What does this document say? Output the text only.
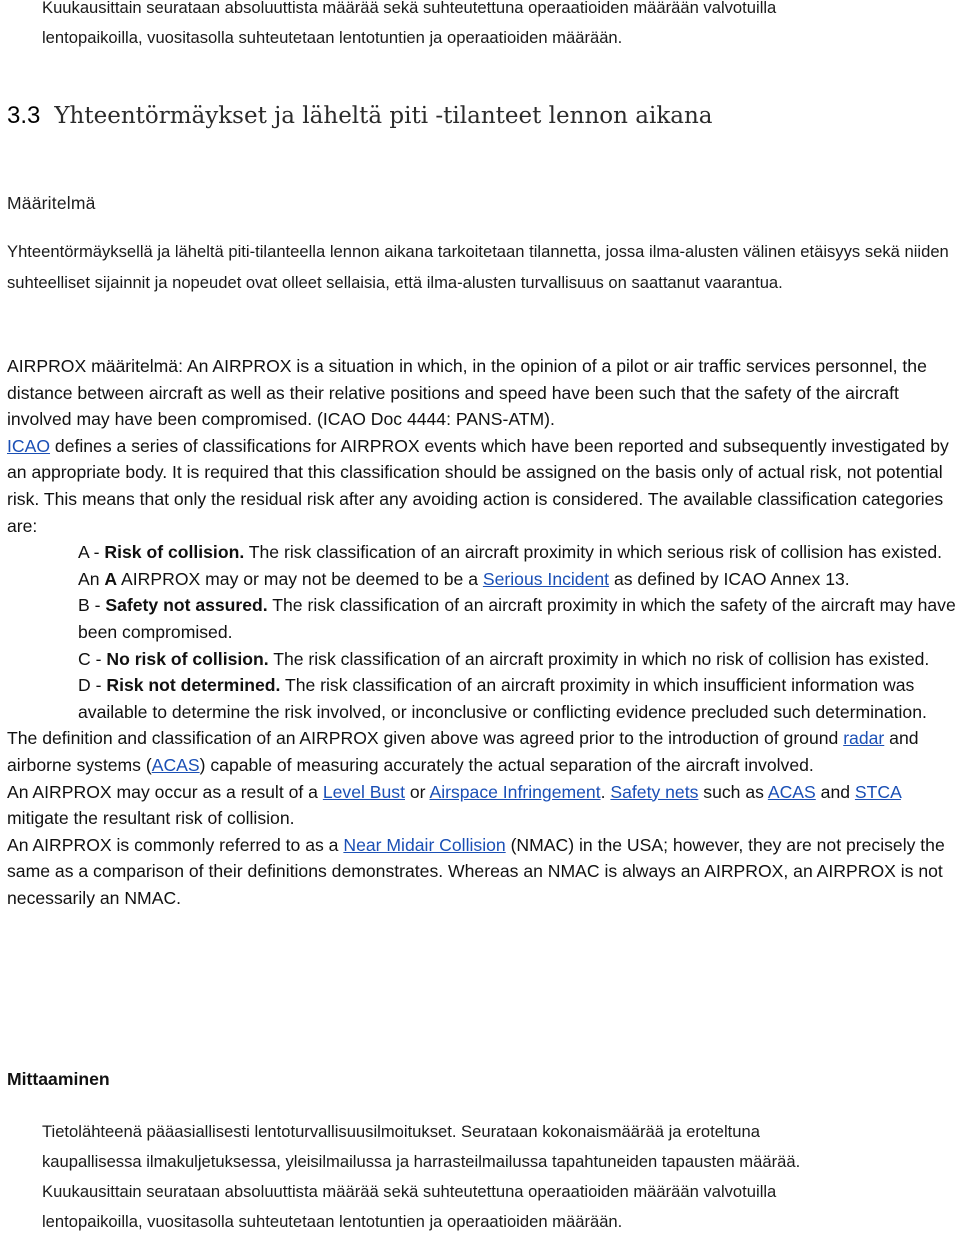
Kuukausittain seurataan absoluuttista määrää sekä suhteutettuna operaatioiden määrään valvotuilla

lentopaikoilla, vuositasolla suhteutetaan lentotuntien ja operaatioiden määrään.

3.3 Yhteentörmäykset ja läheltä piti -tilanteet lennon aikana
Määritelmä

Yhteentörmäyksellä ja läheltä piti-tilanteella lennon aikana tarkoitetaan tilannetta, jossa ilma-alusten välinen etäisyys sekä niiden suhteelliset sijainnit ja nopeudet ovat olleet sellaisia, että ilma-alusten turvallisuus on saattanut vaarantua.

AIRPROX määritelmä: An AIRPROX is a situation in which, in the opinion of a pilot or air traffic services personnel, the distance between aircraft as well as their relative positions and speed have been such that the safety of the aircraft involved may have been compromised. (ICAO Doc 4444: PANS-ATM).
ICAO defines a series of classifications for AIRPROX events which have been reported and subsequently investigated by an appropriate body. It is required that this classification should be assigned on the basis only of actual risk, not potential risk. This means that only the residual risk after any avoiding action is considered. The available classification categories are:

A - Risk of collision. The risk classification of an aircraft proximity in which serious risk of collision has existed. An A AIRPROX may or may not be deemed to be a Serious Incident as defined by ICAO Annex 13.
B - Safety not assured. The risk classification of an aircraft proximity in which the safety of the aircraft may have been compromised.
C - No risk of collision. The risk classification of an aircraft proximity in which no risk of collision has existed.
D - Risk not determined. The risk classification of an aircraft proximity in which insufficient information was available to determine the risk involved, or inconclusive or conflicting evidence precluded such determination.

The definition and classification of an AIRPROX given above was agreed prior to the introduction of ground radar and airborne systems (ACAS) capable of measuring accurately the actual separation of the aircraft involved.

An AIRPROX may occur as a result of a Level Bust or Airspace Infringement. Safety nets such as ACAS and STCA mitigate the resultant risk of collision.

An AIRPROX is commonly referred to as a Near Midair Collision (NMAC) in the USA; however, they are not precisely the same as a comparison of their definitions demonstrates. Whereas an NMAC is always an AIRPROX, an AIRPROX is not necessarily an NMAC.

Mittaaminen

Tietolähteenä pääasiallisesti lentoturvallisuusilmoitukset. Seurataan kokonaismäärää ja eroteltuna

kaupallisessa ilmakuljetuksessa, yleisilmailussa ja harrasteilmailussa tapahtuneiden tapausten määrää.

Kuukausittain seurataan absoluuttista määrää sekä suhteutettuna operaatioiden määrään valvotuilla

lentopaikoilla, vuositasolla suhteutetaan lentotuntien ja operaatioiden määrään.
